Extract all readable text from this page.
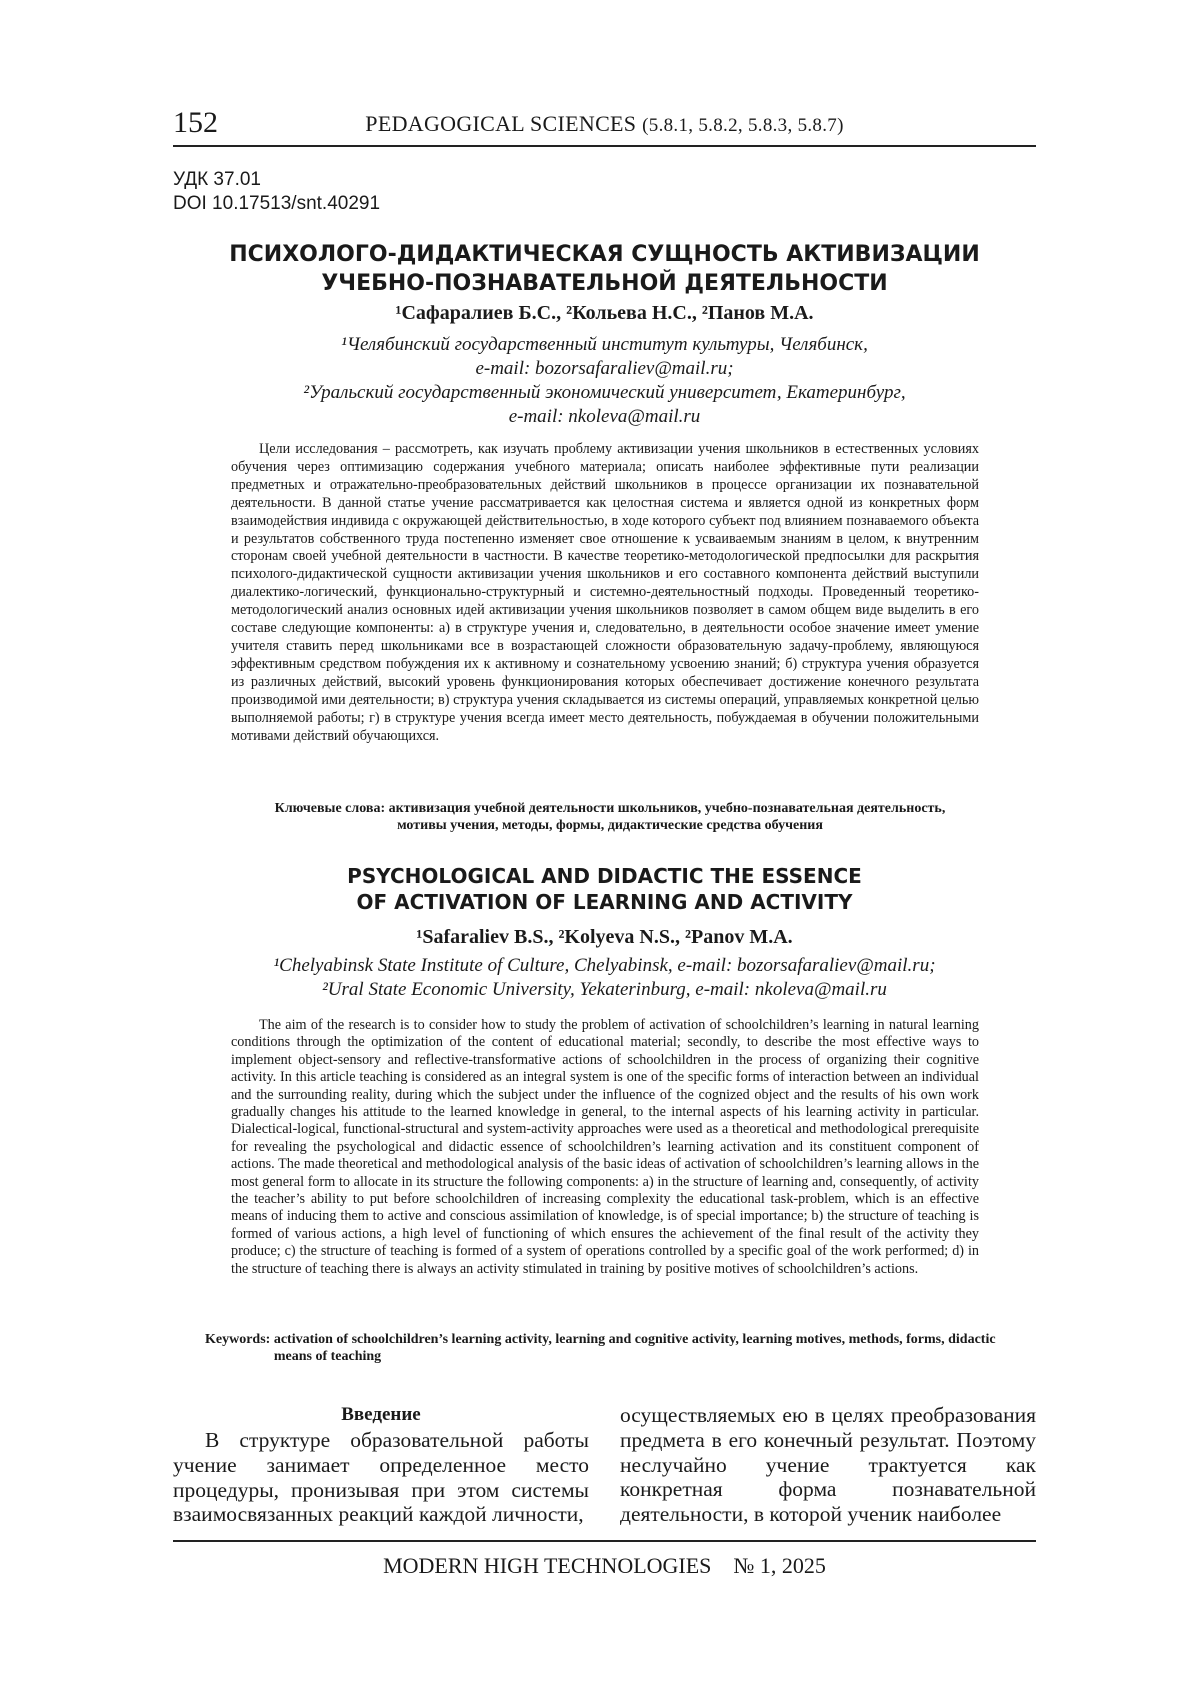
152	PEDAGOGICAL SCIENCES (5.8.1, 5.8.2, 5.8.3, 5.8.7)
УДК 37.01
DOI 10.17513/snt.40291
ПСИХОЛОГО-ДИДАКТИЧЕСКАЯ СУЩНОСТЬ АКТИВИЗАЦИИ
УЧЕБНО-ПОЗНАВАТЕЛЬНОЙ ДЕЯТЕЛЬНОСТИ
¹Сафаралиев Б.С., ²Кольева Н.С., ²Панов М.А.

¹Челябинский государственный институт культуры, Челябинск,

e-mail: bozorsafaraliev@mail.ru;

²Уральский государственный экономический университет, Екатеринбург,

e-mail: nkoleva@mail.ru

Цели исследования – рассмотреть, как изучать проблему активизации учения школьников в естественных условиях обучения через оптимизацию содержания учебного материала; описать наиболее эффективные пути реализации предметных и отражательно-преобразовательных действий школьников в процессе организации их познавательной деятельности. В данной статье учение рассматривается как целостная система и является одной из конкретных форм взаимодействия индивида с окружающей действительностью, в ходе которого субъект под влиянием познаваемого объекта и результатов собственного труда постепенно изменяет свое отношение к усваиваемым знаниям в целом, к внутренним сторонам своей учебной деятельности в частности. В качестве теоретико-методологической предпосылки для раскрытия психолого-дидактической сущности активизации учения школьников и его составного компонента действий выступили диалектико-логический, функционально-структурный и системно-деятельностный подходы. Проведенный теоретико-методологический анализ основных идей активизации учения школьников позволяет в самом общем виде выделить в его составе следующие компоненты: а) в структуре учения и, следовательно, в деятельности особое значение имеет умение учителя ставить перед школьниками все в возрастающей сложности образовательную задачу-проблему, являющуюся эффективным средством побуждения их к активному и сознательному усвоению знаний; б) структура учения образуется из различных действий, высокий уровень функционирования которых обеспечивает достижение конечного результата производимой ими деятельности; в) структура учения складывается из системы операций, управляемых конкретной целью выполняемой работы; г) в структуре учения всегда имеет место деятельность, побуждаемая в обучении положительными мотивами действий обучающихся.

Ключевые слова: активизация учебной деятельности школьников, учебно-познавательная деятельность,
мотивы учения, методы, формы, дидактические средства обучения
PSYCHOLOGICAL AND DIDACTIC THE ESSENCE
OF ACTIVATION OF LEARNING AND ACTIVITY
¹Safaraliev B.S., ²Kolyeva N.S., ²Panov M.A.

¹Chelyabinsk State Institute of Culture, Chelyabinsk, e-mail: bozorsafaraliev@mail.ru;

²Ural State Economic University, Yekaterinburg, e-mail: nkoleva@mail.ru

The aim of the research is to consider how to study the problem of activation of schoolchildren’s learning in natural learning conditions through the optimization of the content of educational material; secondly, to describe the most effective ways to implement object-sensory and reflective-transformative actions of schoolchildren in the process of organizing their cognitive activity. In this article teaching is considered as an integral system is one of the specific forms of interaction between an individual and the surrounding reality, during which the subject under the influence of the cognized object and the results of his own work gradually changes his attitude to the learned knowledge in general, to the internal aspects of his learning activity in particular. Dialectical-logical, functional-structural and system-activity approaches were used as a theoretical and methodological prerequisite for revealing the psychological and didactic essence of schoolchildren’s learning activation and its constituent component of actions. The made theoretical and methodological analysis of the basic ideas of activation of schoolchildren’s learning allows in the most general form to allocate in its structure the following components: a) in the structure of learning and, consequently, of activity the teacher’s ability to put before schoolchildren of increasing complexity the educational task-problem, which is an effective means of inducing them to active and conscious assimilation of knowledge, is of special importance; b) the structure of teaching is formed of various actions, a high level of functioning of which ensures the achievement of the final result of the activity they produce; c) the structure of teaching is formed of a system of operations controlled by a specific goal of the work performed; d) in the structure of teaching there is always an activity stimulated in training by positive motives of schoolchildren’s actions.

Keywords: activation of schoolchildren’s learning activity, learning and cognitive activity, learning motives, methods, forms, didactic means of teaching
Введение

В структуре образовательной работы учение занимает определенное место процедуры, пронизывая при этом системы взаимосвязанных реакций каждой личности,

осуществляемых ею в целях преобразования предмета в его конечный результат. Поэтому неслучайно учение трактуется как конкретная форма познавательной деятельности, в которой ученик наиболее

MODERN HIGH TECHNOLOGIES № 1, 2025
